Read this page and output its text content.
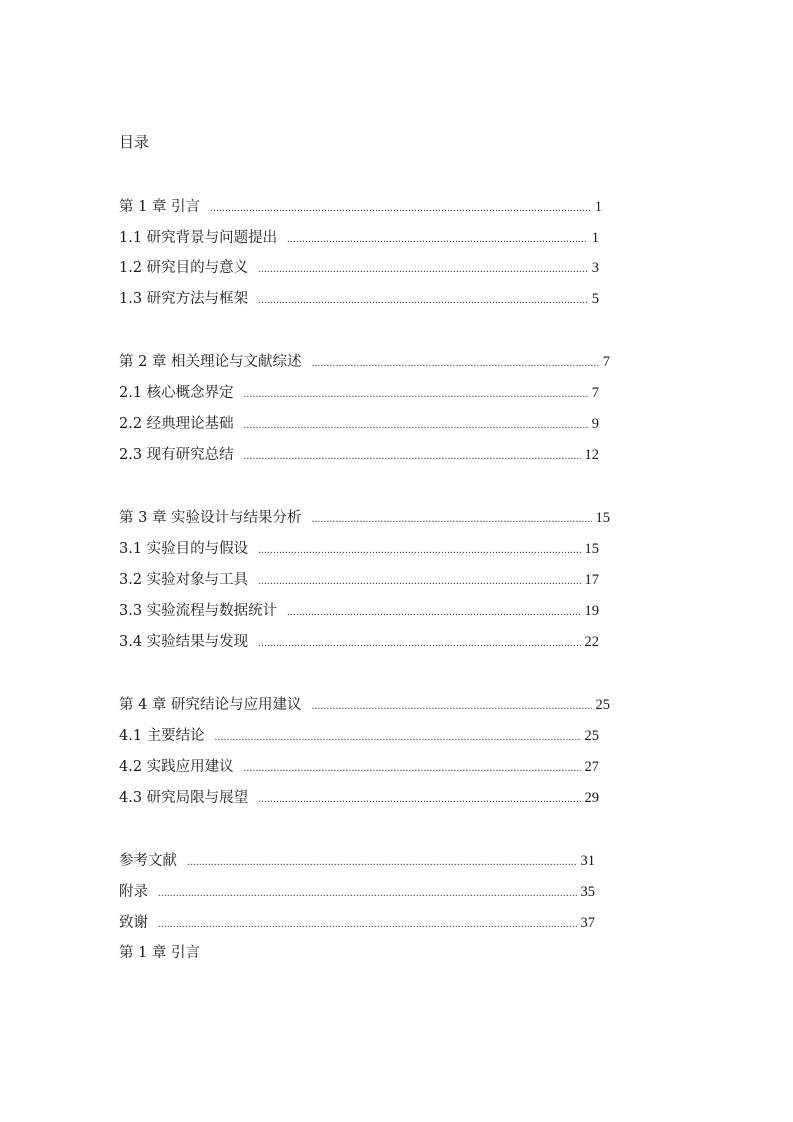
目录
第 1 章 引言 .....	1
1.1 研究背景与问题提出 .....	1
1.2 研究目的与意义 .....	3
1.3 研究方法与框架 .....	5
第 2 章 相关理论与文献综述 .....	7
2.1 核心概念界定 .....	7
2.2 经典理论基础 .....	9
2.3 现有研究总结 .....	12
第 3 章 实验设计与结果分析 .....	15
3.1 实验目的与假设 .....	15
3.2 实验对象与工具 .....	17
3.3 实验流程与数据统计 .....	19
3.4 实验结果与发现 .....	22
第 4 章 研究结论与应用建议 .....	25
4.1 主要结论 .....	25
4.2 实践应用建议 .....	27
4.3 研究局限与展望 .....	29
参考文献 .....	31
附录 .....	35
致谢 .....	37
第 1 章 引言
